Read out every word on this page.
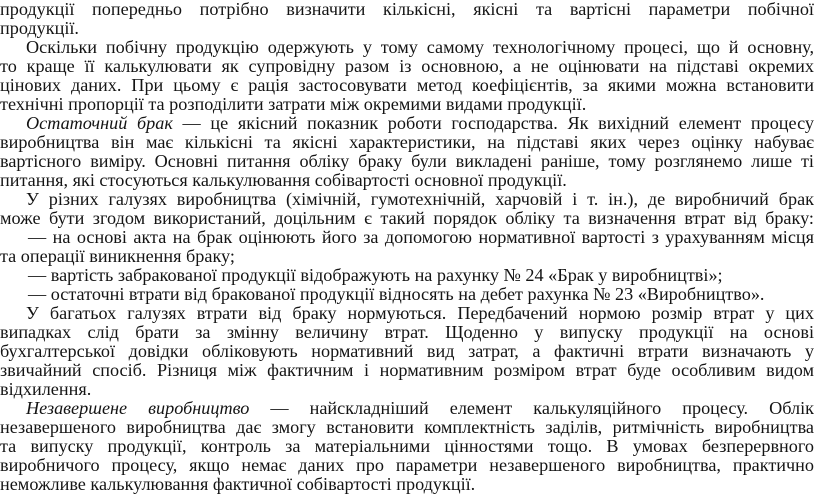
продукції попередньо потрібно визначити кількісні, якісні та вартісні параметри побічної

продукції.

Оскільки побічну продукцію одержують у тому самому технологічному процесі, що й основну,

то краще її калькулювати як супровідну разом із основною, а не оцінювати на підставі окремих

цінових даних. При цьому є рація застосовувати метод коефіцієнтів, за якими можна встановити

технічні пропорції та розподілити затрати між окремими видами продукції.

Остаточний брак — це якісний показник роботи господарства. Як вихідний елемент процесу

виробництва він має кількісні та якісні характеристики, на підставі яких через оцінку набуває

вартісного виміру. Основні питання обліку браку були викладені раніше, тому розглянемо лише ті

питання, які стосуються калькулювання собівартості основної продукції.

У різних галузях виробництва (хімічній, гумотехнічній, харчовій і т. ін.), де виробничий брак

може бути згодом використаний, доцільним є такий порядок обліку та визначення втрат від браку:

— на основі акта на брак оцінюють його за допомогою нормативної вартості з урахуванням місця

та операції виникнення браку;

— вартість забракованої продукції відображують на рахунку № 24 «Брак у виробництві»;

— остаточні втрати від бракованої продукції відносять на дебет рахунка № 23 «Виробництво».

У багатьох галузях втрати від браку нормуються. Передбачений нормою розмір втрат у цих

випадках слід брати за змінну величину втрат. Щоденно у випуску продукції на основі

бухгалтерської довідки обліковують нормативний вид затрат, а фактичні втрати визначають у

звичайний спосіб. Різниця між фактичним і нормативним розміром втрат буде особливим видом

відхилення.

Незавершене виробництво — найскладніший елемент калькуляційного процесу. Облік

незавершеного виробництва дає змогу встановити комплектність заділів, ритмічність виробництва

та випуску продукції, контроль за матеріальними цінностями тощо. В умовах безперервного

виробничого процесу, якщо немає даних про параметри незавершеного виробництва, практично

неможливе калькулювання фактичної собівартості продукції.
